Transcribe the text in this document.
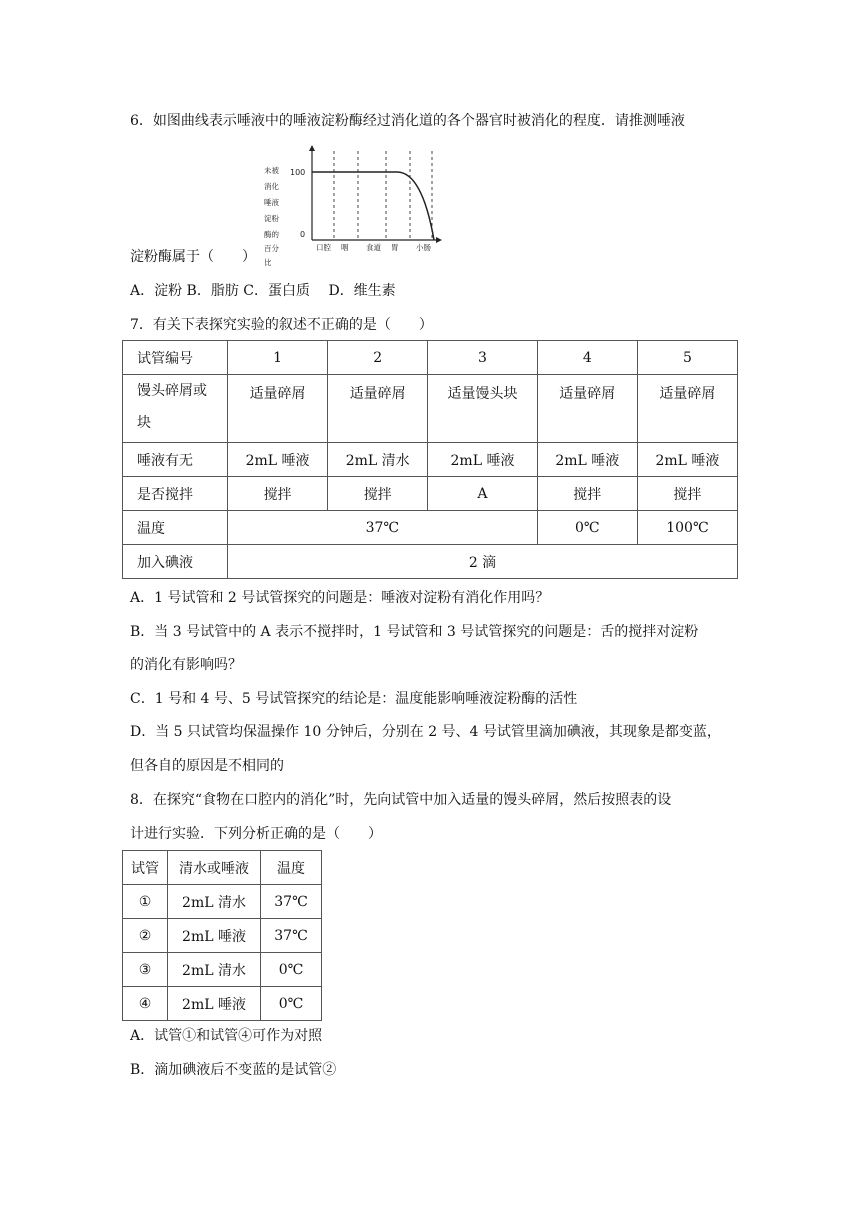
6．如图曲线表示唾液中的唾液淀粉酶经过消化道的各个器官时被消化的程度．请推测唾液
未被
消化
唾液
淀粉
酶的
百分
比
100
0
口腔 咽 食道 胃 小肠
淀粉酶属于（　　）
A．淀粉 B．脂肪 C．蛋白质　 D．维生素
7．有关下表探究实验的叙述不正确的是（　　）
试管编号	1	2	3	4	5
馒头碎屑或
块	适量碎屑	适量碎屑	适量馒头块	适量碎屑	适量碎屑
唾液有无	2mL 唾液	2mL 清水	2mL 唾液	2mL 唾液	2mL 唾液
是否搅拌	搅拌	搅拌	A	搅拌	搅拌
温度	37℃			0℃	100℃
加入碘液	2 滴				
A．1 号试管和 2 号试管探究的问题是：唾液对淀粉有消化作用吗？
B．当 3 号试管中的 A 表示不搅拌时，1 号试管和 3 号试管探究的问题是：舌的搅拌对淀粉
的消化有影响吗？
C．1 号和 4 号、5 号试管探究的结论是：温度能影响唾液淀粉酶的活性
D．当 5 只试管均保温操作 10 分钟后，分别在 2 号、4 号试管里滴加碘液，其现象是都变蓝，
但各自的原因是不相同的
8．在探究“食物在口腔内的消化”时，先向试管中加入适量的馒头碎屑，然后按照表的设
计进行实验．下列分析正确的是（　　）
试管	清水或唾液	温度
①	2mL 清水	37℃
②	2mL 唾液	37℃
③	2mL 清水	0℃
④	2mL 唾液	0℃
A．试管①和试管④可作为对照
B．滴加碘液后不变蓝的是试管②
